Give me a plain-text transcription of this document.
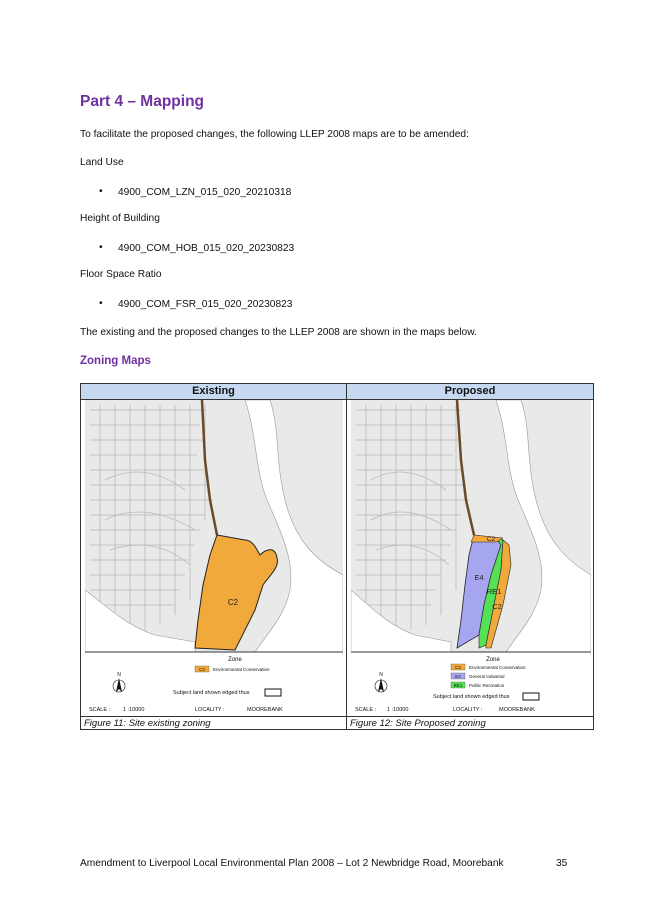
Part 4 – Mapping

To facilitate the proposed changes, the following LLEP 2008 maps are to be amended:

Land Use

• 4900_COM_LZN_015_020_20210318

Height of Building

• 4900_COM_HOB_015_020_20230823

Floor Space Ratio

• 4900_COM_FSR_015_020_20230823

The existing and the proposed changes to the LLEP 2008 are shown in the maps below.

Zoning Maps
Existing	Proposed
C2
Zone
C2 Environmental Conservation
N
Subject land shown edged thus
SCALE : 1 :10000	LOCALITY :	MOOREBANK
C2
E4
RE1
C2
Zone
C2 Environmental Conservation
E4 General Industrial
RE1 Public Recreation
N
Subject land shown edged thus
SCALE : 1 :10000	LOCALITY :	MOOREBANK
Figure 11: Site existing zoning	Figure 12: Site Proposed zoning
Amendment to Liverpool Local Environmental Plan 2008 – Lot 2 Newbridge Road, Moorebank	35
